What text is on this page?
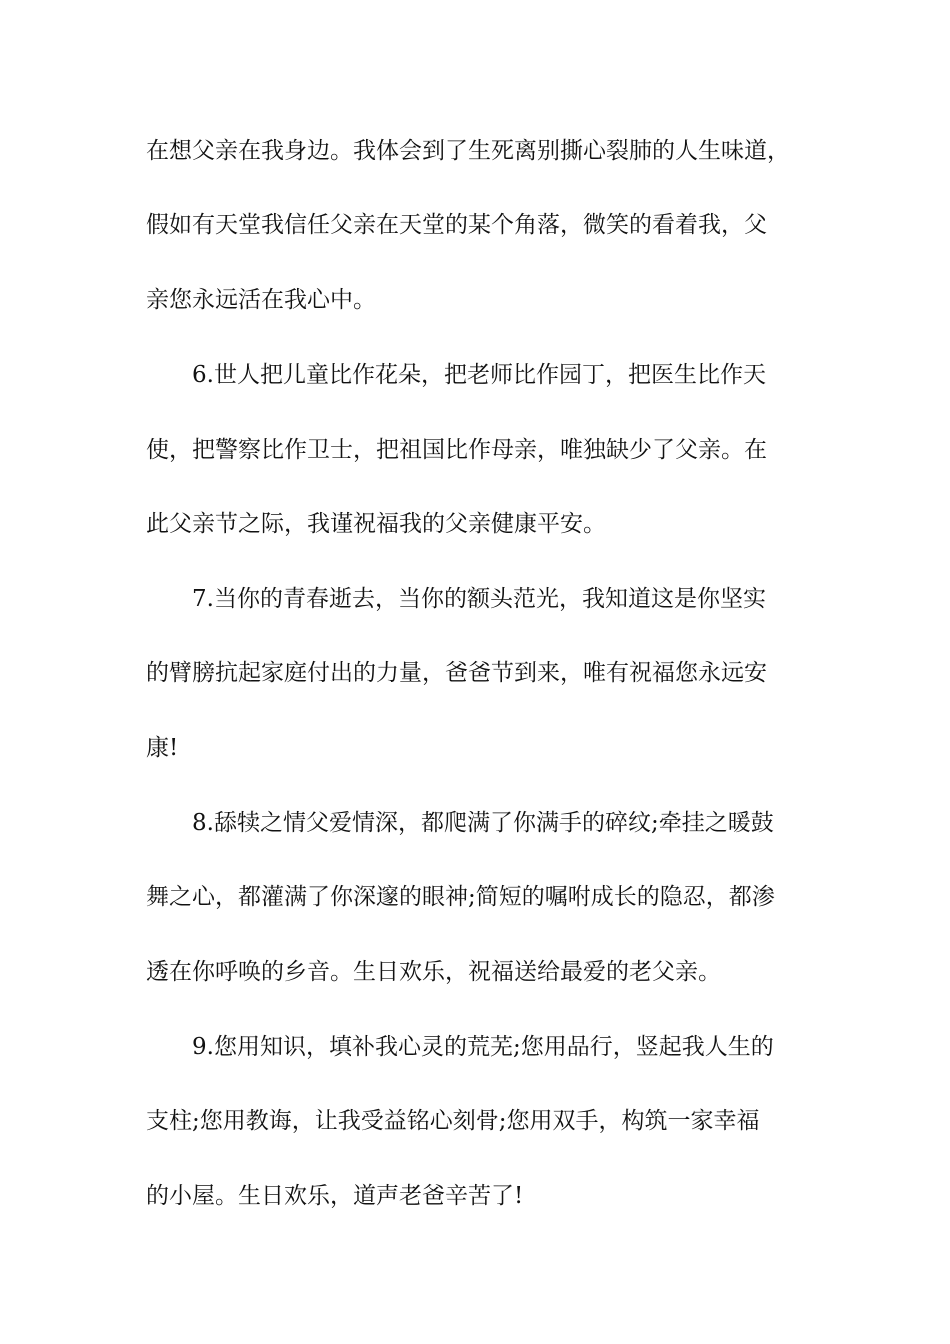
在想父亲在我身边。我体会到了生死离别撕心裂肺的人生味道，
假如有天堂我信任父亲在天堂的某个角落，微笑的看着我，父
亲您永远活在我心中。
6.世人把儿童比作花朵，把老师比作园丁，把医生比作天
使，把警察比作卫士，把祖国比作母亲，唯独缺少了父亲。在
此父亲节之际，我谨祝福我的父亲健康平安。
7.当你的青春逝去，当你的额头范光，我知道这是你坚实
的臂膀抗起家庭付出的力量，爸爸节到来，唯有祝福您永远安
康!
8.舔犊之情父爱情深，都爬满了你满手的碎纹;牵挂之暖鼓
舞之心，都灌满了你深邃的眼神;简短的嘱咐成长的隐忍，都渗
透在你呼唤的乡音。生日欢乐，祝福送给最爱的老父亲。
9.您用知识，填补我心灵的荒芜;您用品行，竖起我人生的
支柱;您用教诲，让我受益铭心刻骨;您用双手，构筑一家幸福
的小屋。生日欢乐，道声老爸辛苦了!
